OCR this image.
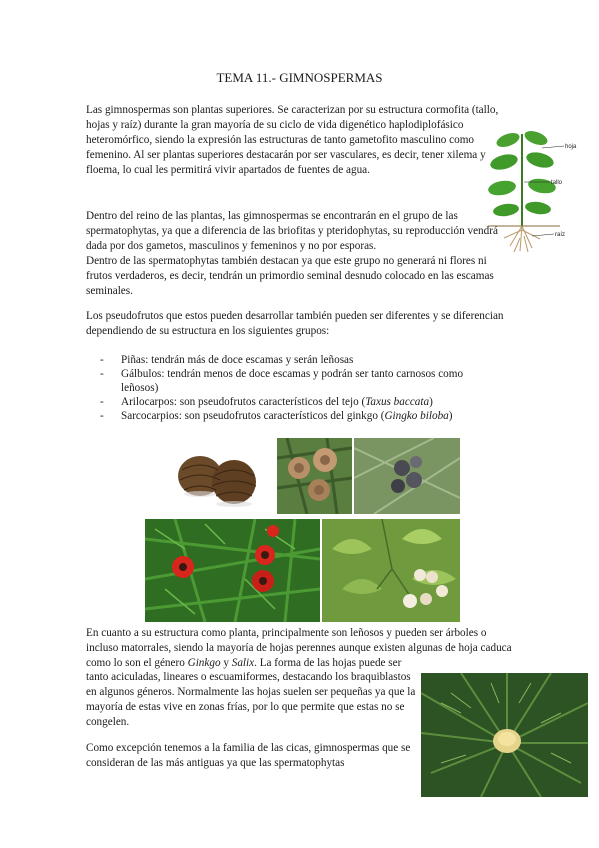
TEMA 11.- GIMNOSPERMAS

Las gimnospermas son plantas superiores. Se caracterizan por su estructura cormofita (tallo, hojas y raíz) durante la gran mayoría de su ciclo de vida digenético haplodiplofásico heteromórfico, siendo la expresión las estructuras de tanto gametofito masculino como femenino. Al ser plantas superiores destacarán por ser vasculares, es decir, tener xilema y floema, lo cual les permitirá vivir apartados de fuentes de agua.

hoja
tallo
raíz

Dentro del reino de las plantas, las gimnospermas se encontrarán en el grupo de las spermatophytas, ya que a diferencia de las briofitas y pteridophytas, su reproducción vendrá dada por dos gametos, masculinos y femeninos y no por esporas.

Dentro de las spermatophytas también destacan ya que este grupo no generará ni flores ni frutos verdaderos, es decir, tendrán un primordio seminal desnudo colocado en las escamas seminales.

Los pseudofrutos que estos pueden desarrollar también pueden ser diferentes y se diferencian dependiendo de su estructura en los siguientes grupos:

- Piñas: tendrán más de doce escamas y serán leñosas
- Gálbulos: tendrán menos de doce escamas y podrán ser tanto carnosos como leñosos)
- Arilocarpos: son pseudofrutos característicos del tejo (Taxus baccata)
- Sarcocarpios: son pseudofrutos característicos del ginkgo (Gingko biloba)

En cuanto a su estructura como planta, principalmente son leñosos y pueden ser árboles o incluso matorrales, siendo la mayoría de hojas perennes aunque existen algunas de hoja caduca como lo son el género Ginkgo y Salix. La forma de las hojas puede ser

tanto aciculadas, lineares o escuamiformes, destacando los braquiblastos en algunos géneros. Normalmente las hojas suelen ser pequeñas ya que la mayoría de estas vive en zonas frías, por lo que permite que estas no se congelen.

Como excepción tenemos a la familia de las cicas, gimnospermas que se consideran de las más antiguas ya que las spermatophytas
